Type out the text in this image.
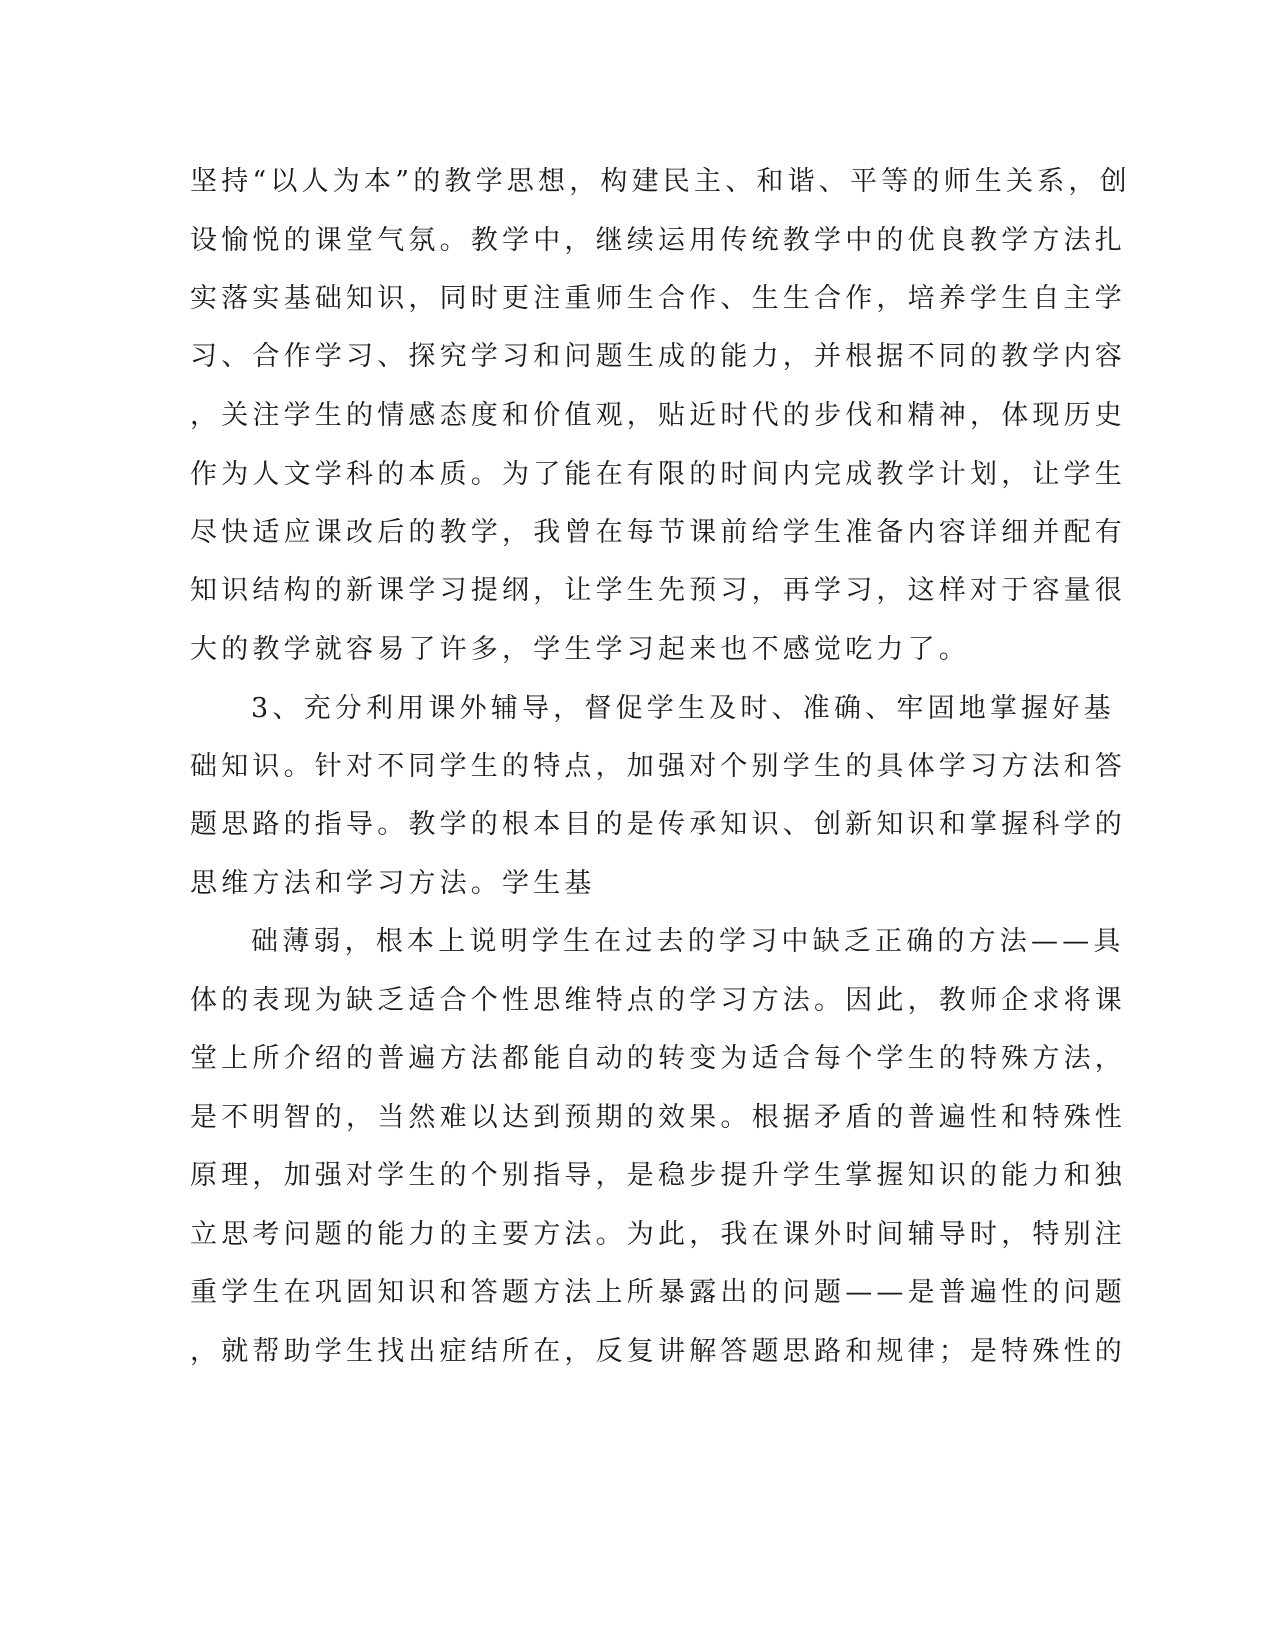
坚持“以人为本”的教学思想，构建民主、和谐、平等的师生关系，创
设愉悦的课堂气氛。教学中，继续运用传统教学中的优良教学方法扎
实落实基础知识，同时更注重师生合作、生生合作，培养学生自主学
习、合作学习、探究学习和问题生成的能力，并根据不同的教学内容
，关注学生的情感态度和价值观，贴近时代的步伐和精神，体现历史
作为人文学科的本质。为了能在有限的时间内完成教学计划，让学生
尽快适应课改后的教学，我曾在每节课前给学生准备内容详细并配有
知识结构的新课学习提纲，让学生先预习，再学习，这样对于容量很
大的教学就容易了许多，学生学习起来也不感觉吃力了。
3、充分利用课外辅导，督促学生及时、准确、牢固地掌握好基
础知识。针对不同学生的特点，加强对个别学生的具体学习方法和答
题思路的指导。教学的根本目的是传承知识、创新知识和掌握科学的
思维方法和学习方法。学生基
础薄弱，根本上说明学生在过去的学习中缺乏正确的方法——具
体的表现为缺乏适合个性思维特点的学习方法。因此，教师企求将课
堂上所介绍的普遍方法都能自动的转变为适合每个学生的特殊方法，
是不明智的，当然难以达到预期的效果。根据矛盾的普遍性和特殊性
原理，加强对学生的个别指导，是稳步提升学生掌握知识的能力和独
立思考问题的能力的主要方法。为此，我在课外时间辅导时，特别注
重学生在巩固知识和答题方法上所暴露出的问题——是普遍性的问题
，就帮助学生找出症结所在，反复讲解答题思路和规律；是特殊性的
